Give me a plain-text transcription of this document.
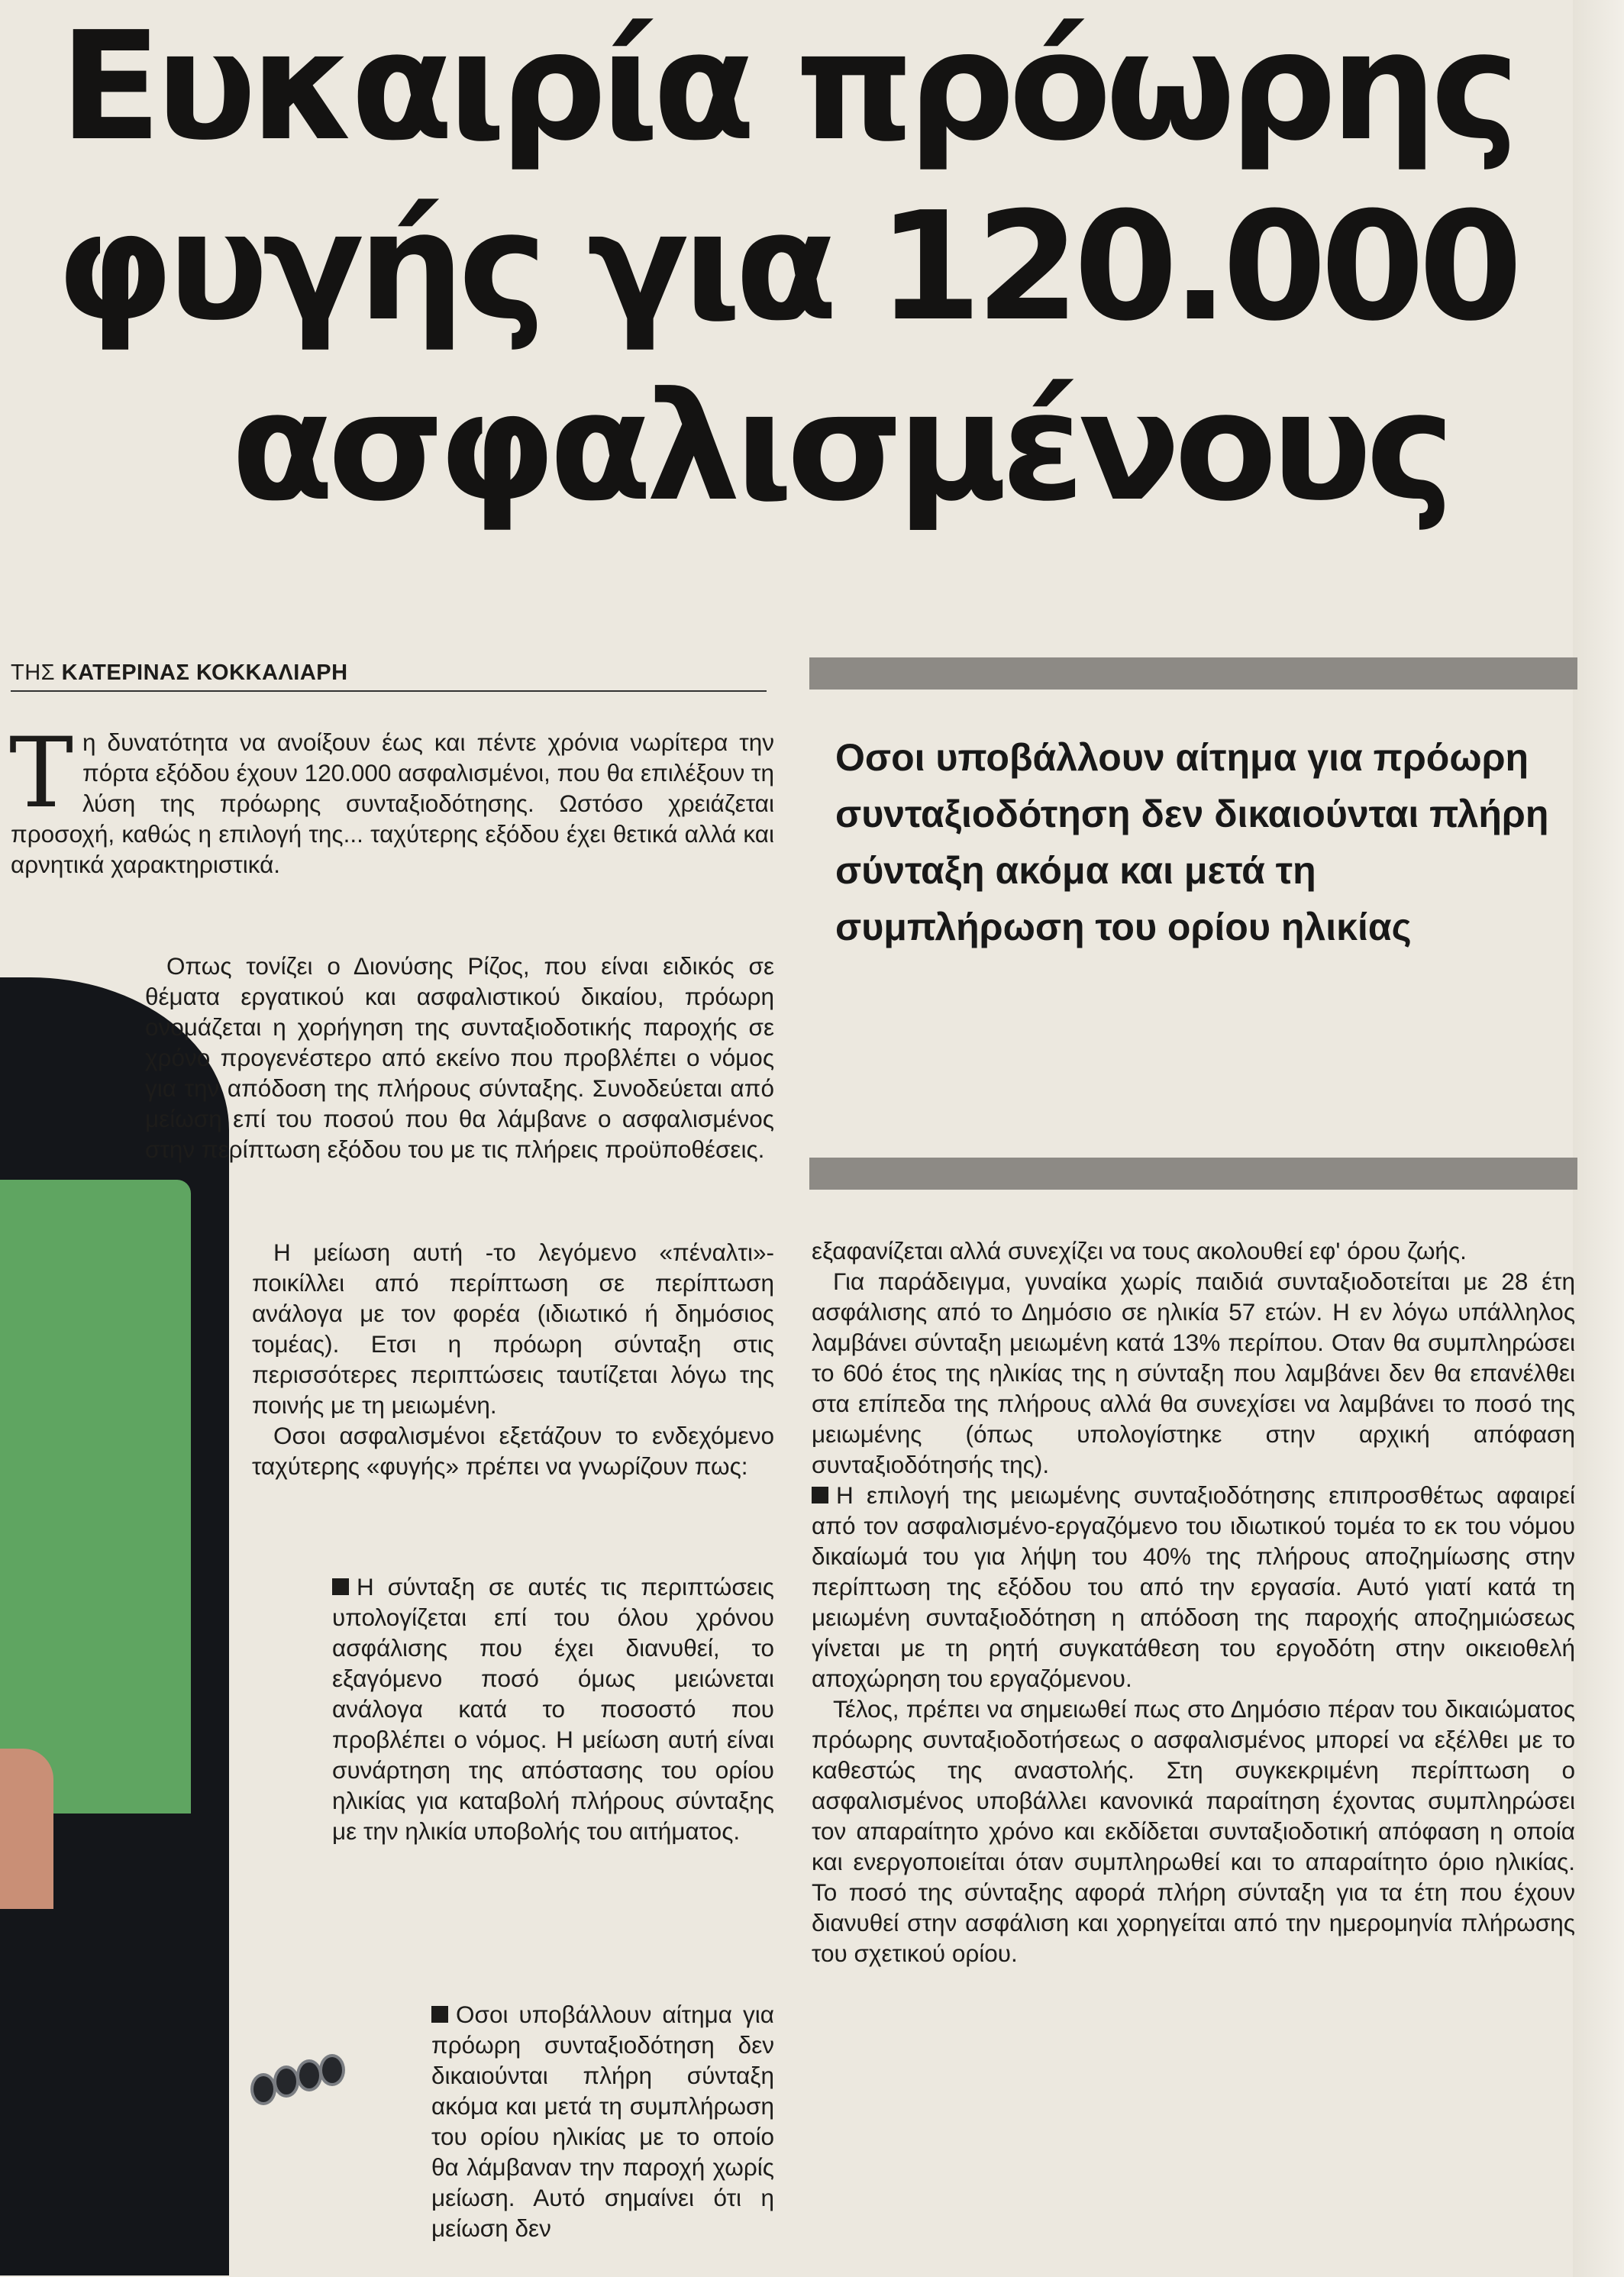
Ευκαιρία πρόωρης
φυγής για 120.000
ασφαλισμένους
ΤΗΣ ΚΑΤΕΡΙΝΑΣ ΚΟΚΚΑΛΙΑΡΗ
Οσοι υποβάλλουν αίτημα για πρόωρη συνταξιοδότηση δεν δικαιούνται πλήρη σύνταξη ακόμα και μετά τη συμπλήρωση του ορίου ηλικίας

Τη δυνατότητα να ανοίξουν έως και πέντε χρόνια νωρίτερα την πόρτα εξόδου έχουν 120.000 ασφαλισμένοι, που θα επιλέξουν τη λύση της πρόωρης συνταξιοδότησης. Ωστόσο χρειάζεται προσοχή, καθώς η επιλογή της... ταχύτερης εξόδου έχει θετικά αλλά και αρνητικά χαρακτηριστικά.

Οπως τονίζει ο Διονύσης Ρίζος, που είναι ειδικός σε θέματα εργατικού και ασφαλιστικού δικαίου, πρόωρη ονομάζεται η χορήγηση της συνταξιοδοτικής παροχής σε χρόνο προγενέστερο από εκείνο που προβλέπει ο νόμος για την απόδοση της πλήρους σύνταξης. Συνοδεύεται από μείωση επί του ποσού που θα λάμβανε ο ασφαλισμένος στην περίπτωση εξόδου του με τις πλήρεις προϋποθέσεις.

Η μείωση αυτή -το λεγόμενο «πέναλτι»- ποικίλλει από περίπτωση σε περίπτωση ανάλογα με τον φορέα (ιδιωτικό ή δημόσιος τομέας). Ετσι η πρόωρη σύνταξη στις περισσότερες περιπτώσεις ταυτίζεται λόγω της ποινής με τη μειωμένη.

Οσοι ασφαλισμένοι εξετάζουν το ενδεχόμενο ταχύτερης «φυγής» πρέπει να γνωρίζουν πως:

Η σύνταξη σε αυτές τις περιπτώσεις υπολογίζεται επί του όλου χρόνου ασφάλισης που έχει διανυθεί, το εξαγόμενο ποσό όμως μειώνεται ανάλογα κατά το ποσοστό που προβλέπει ο νόμος. Η μείωση αυτή είναι συνάρτηση της απόστασης του ορίου ηλικίας για καταβολή πλήρους σύνταξης με την ηλικία υποβολής του αιτήματος.

Οσοι υποβάλλουν αίτημα για πρόωρη συνταξιοδότηση δεν δικαιούνται πλήρη σύνταξη ακόμα και μετά τη συμπλήρωση του ορίου ηλικίας με το οποίο θα λάμβαναν την παροχή χωρίς μείωση. Αυτό σημαίνει ότι η μείωση δεν

εξαφανίζεται αλλά συνεχίζει να τους ακολουθεί εφ' όρου ζωής.

Για παράδειγμα, γυναίκα χωρίς παιδιά συνταξιοδοτείται με 28 έτη ασφάλισης από το Δημόσιο σε ηλικία 57 ετών. Η εν λόγω υπάλληλος λαμβάνει σύνταξη μειωμένη κατά 13% περίπου. Οταν θα συμπληρώσει το 60ό έτος της ηλικίας της η σύνταξη που λαμβάνει δεν θα επανέλθει στα επίπεδα της πλήρους αλλά θα συνεχίσει να λαμβάνει το ποσό της μειωμένης (όπως υπολογίστηκε στην αρχική απόφαση συνταξιοδότησής της).

Η επιλογή της μειωμένης συνταξιοδότησης επιπροσθέτως αφαιρεί από τον ασφαλισμένο-εργαζόμενο του ιδιωτικού τομέα το εκ του νόμου δικαίωμά του για λήψη του 40% της πλήρους αποζημίωσης στην περίπτωση της εξόδου του από την εργασία. Αυτό γιατί κατά τη μειωμένη συνταξιοδότηση η απόδοση της παροχής αποζημιώσεως γίνεται με τη ρητή συγκατάθεση του εργοδότη στην οικειοθελή αποχώρηση του εργαζόμενου.

Τέλος, πρέπει να σημειωθεί πως στο Δημόσιο πέραν του δικαιώματος πρόωρης συνταξιοδοτήσεως ο ασφαλισμένος μπορεί να εξέλθει με το καθεστώς της αναστολής. Στη συγκεκριμένη περίπτωση ο ασφαλισμένος υποβάλλει κανονικά παραίτηση έχοντας συμπληρώσει τον απαραίτητο χρόνο και εκδίδεται συνταξιοδοτική απόφαση η οποία και ενεργοποιείται όταν συμπληρωθεί και το απαραίτητο όριο ηλικίας. Το ποσό της σύνταξης αφορά πλήρη σύνταξη για τα έτη που έχουν διανυθεί στην ασφάλιση και χορηγείται από την ημερομηνία πλήρωσης του σχετικού ορίου.
